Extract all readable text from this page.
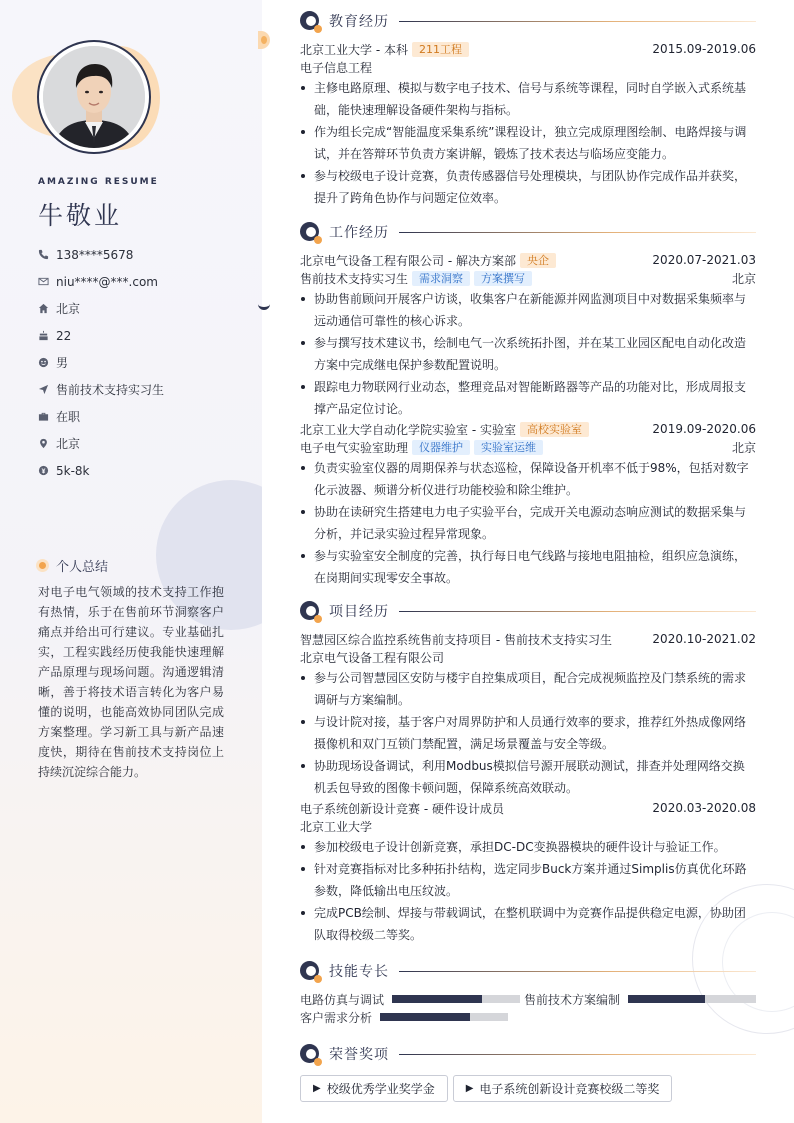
AMAZING RESUME
牛敬业
138****5678
niu****@***.com
北京
22
男
售前技术支持实习生
在职
北京
5k-8k
个人总结
对电子电气领域的技术支持工作抱有热情，乐于在售前环节洞察客户痛点并给出可行建议。专业基础扎实，工程实践经历使我能快速理解产品原理与现场问题。沟通逻辑清晰，善于将技术语言转化为客户易懂的说明，也能高效协同团队完成方案整理。学习新工具与新产品速度快，期待在售前技术支持岗位上持续沉淀综合能力。
教育经历
北京工业大学 - 本科	211工程	2015.09-2019.06
电子信息工程
主修电路原理、模拟与数字电子技术、信号与系统等课程，同时自学嵌入式系统基础，能快速理解设备硬件架构与指标。
作为组长完成“智能温度采集系统”课程设计，独立完成原理图绘制、电路焊接与调试，并在答辩环节负责方案讲解，锻炼了技术表达与临场应变能力。
参与校级电子设计竞赛，负责传感器信号处理模块，与团队协作完成作品并获奖，提升了跨角色协作与问题定位效率。
工作经历
北京电气设备工程有限公司 - 解决方案部	央企	2020.07-2021.03
售前技术支持实习生	需求洞察	方案撰写	北京
协助售前顾问开展客户访谈，收集客户在新能源并网监测项目中对数据采集频率与远动通信可靠性的核心诉求。
参与撰写技术建议书，绘制电气一次系统拓扑图，并在某工业园区配电自动化改造方案中完成继电保护参数配置说明。
跟踪电力物联网行业动态，整理竞品对智能断路器等产品的功能对比，形成周报支撑产品定位讨论。
北京工业大学自动化学院实验室 - 实验室	高校实验室	2019.09-2020.06
电子电气实验室助理	仪器维护	实验室运维	北京
负责实验室仪器的周期保养与状态巡检，保障设备开机率不低于98%，包括对数字化示波器、频谱分析仪进行功能校验和除尘维护。
协助在读研究生搭建电力电子实验平台，完成开关电源动态响应测试的数据采集与分析，并记录实验过程异常现象。
参与实验室安全制度的完善，执行每日电气线路与接地电阻抽检，组织应急演练，在岗期间实现零安全事故。
项目经历
智慧园区综合监控系统售前支持项目 - 售前技术支持实习生	2020.10-2021.02
北京电气设备工程有限公司
参与公司智慧园区安防与楼宇自控集成项目，配合完成视频监控及门禁系统的需求调研与方案编制。
与设计院对接，基于客户对周界防护和人员通行效率的要求，推荐红外热成像网络摄像机和双门互锁门禁配置，满足场景覆盖与安全等级。
协助现场设备调试，利用Modbus模拟信号源开展联动测试，排查并处理网络交换机丢包导致的图像卡顿问题，保障系统高效联动。
电子系统创新设计竞赛 - 硬件设计成员	2020.03-2020.08
北京工业大学
参加校级电子设计创新竞赛，承担DC-DC变换器模块的硬件设计与验证工作。
针对竞赛指标对比多种拓扑结构，选定同步Buck方案并通过Simplis仿真优化环路参数，降低输出电压纹波。
完成PCB绘制、焊接与带载调试，在整机联调中为竞赛作品提供稳定电源，协助团队取得校级二等奖。
技能专长
电路仿真与调试	售前技术方案编制
客户需求分析
荣誉奖项
▶ 校级优秀学业奖学金	▶ 电子系统创新设计竞赛校级二等奖
